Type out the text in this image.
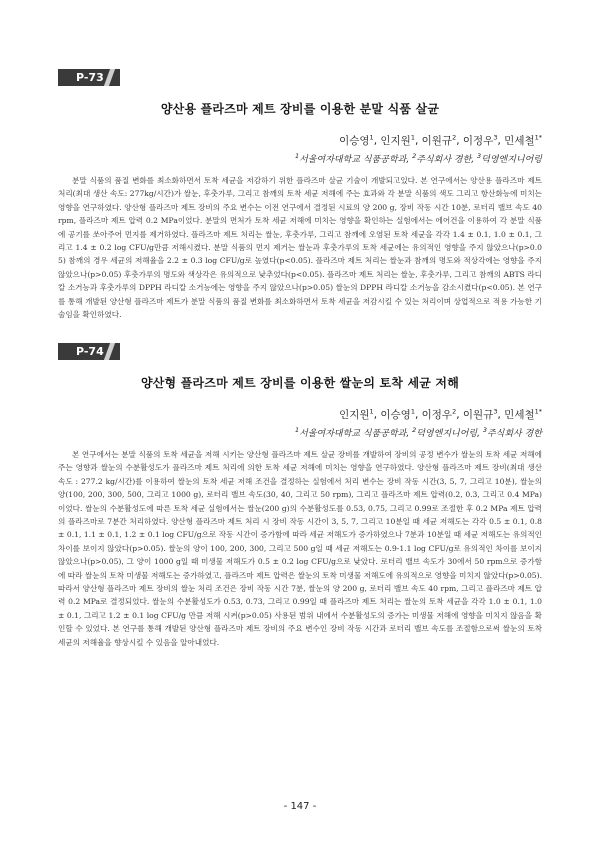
P-73
양산용 플라즈마 제트 장비를 이용한 분말 식품 살균
이승영$^1$, 인지원$^1$, 이원규$^2$, 이정우$^3$, 민세철$^{1*}$
$^1$서울여자대학교 식품공학과, $^2$주식회사 경한, $^3$덕영엔지니어링

분말 식품의 품질 변화를 최소화하면서 토착 세균을 저감하기 위한 플라즈마 살균 기술이 개발되고있다. 본 연구에서는 양산용 플라즈마 제트 처리(최대 생산 속도: 277kg/시간)가 쌀눈, 후춧가루, 그리고 참깨의 토착 세균 저해에 주는 효과와 각 분말 식품의 색도 그리고 항산화능에 미치는 영향을 연구하였다. 양산형 플라즈마 제트 장비의 주요 변수는 이전 연구에서 결정된 시료의 양 200 g, 장비 작동 시간 10분, 로터리 밸브 속도 40 rpm, 플라즈마 제트 압력 0.2 MPa이었다. 분말의 면처가 토착 세균 저해에 미치는 영향을 확인하는 실험에서는 에어건을 이용하여 각 분말 식품에 공기를 쏘아주어 먼지를 제거하였다. 플라즈마 제트 처리는 쌀눈, 후춧가루, 그리고 참깨에 오염된 토착 세균을 각각 1.4 ± 0.1, 1.0 ± 0.1, 그리고 1.4 ± 0.2 log CFU/g만큼 저해시켰다. 분말 식품의 먼지 제거는 쌀눈과 후춧가루의 토착 세균에는 유의적인 영향을 주지 않았으나(p>0.05) 참깨의 경우 세균의 저해율을 2.2 ± 0.3 log CFU/g로 높였다(p<0.05). 플라즈마 제트 처리는 쌀눈과 참깨의 명도와 적상각에는 영향을 주지 않았으나(p>0.05) 후춧가루의 명도와 색상각은 유의적으로 낮추었다(p<0.05). 플라즈마 제트 처리는 쌀눈, 후춧가루, 그리고 참깨의 ABTS 라디칼 소거능과 후춧가루의 DPPH 라디칼 소거능에는 영향을 주지 않았으나(p>0.05) 쌀눈의 DPPH 라디칼 소거능을 감소시켰다(p<0.05). 본 연구를 통해 개발된 양산형 플라즈마 제트가 분말 식품의 품질 변화를 최소화하면서 토착 세균을 저감시킬 수 있는 처리이며 상업적으로 적용 가능한 기술임을 확인하였다.

P-74
양산형 플라즈마 제트 장비를 이용한 쌀눈의 토착 세균 저해
인지원$^1$, 이승영$^1$, 이정우$^2$, 이원규$^3$, 민세철$^{1*}$
$^1$서울여자대학교 식품공학과, $^2$덕영엔지니어링, $^3$주식회사 경한

본 연구에서는 분말 식품의 토착 세균을 저해 시키는 양산형 플라즈마 제트 살균 장비를 개발하여 장비의 공정 변수가 쌀눈의 토착 세균 저해에 주는 영향과 쌀눈의 수분활성도가 플라즈마 제트 처리에 의한 토착 세균 저해에 미치는 영향을 연구하였다. 양산형 플라즈마 제트 장비(최대 생산 속도 : 277.2 kg/시간)를 이용하여 쌀눈의 토착 세균 저해 조건을 결정하는 실험에서 처리 변수는 장비 작동 시간(3, 5, 7, 그리고 10분), 쌀눈의 양(100, 200, 300, 500, 그리고 1000 g), 로터리 밸브 속도(30, 40, 그리고 50 rpm), 그리고 플라즈마 제트 압력(0.2, 0.3, 그리고 0.4 MPa)이었다. 쌀눈의 수분활성도에 따른 토착 세균 실험에서는 쌀눈(200 g)의 수분활성도를 0.53, 0.75, 그리고 0.99로 조절한 후 0.2 MPa 제트 압력의 플라즈마로 7분간 처리하였다. 양산형 플라즈마 제트 처리 시 장비 작동 시간이 3, 5, 7, 그리고 10분일 때 세균 저해도는 각각 0.5 ± 0.1, 0.8 ± 0.1, 1.1 ± 0.1, 1.2 ± 0.1 log CFU/g으로 작동 시간이 증가함에 따라 세균 저해도가 증가하였으나 7분과 10분일 때 세균 저해도는 유의적인 차이를 보이지 않았다(p>0.05). 쌀눈의 양이 100, 200, 300, 그리고 500 g일 때 세균 저해도는 0.9-1.1 log CFU/g로 유의적인 차이를 보이지 않았으나(p>0.05), 그 양이 1000 g일 때 미생물 저해도가 0.5 ± 0.2 log CFU/g으로 낮았다. 로터리 밸브 속도가 30에서 50 rpm으로 증가함에 따라 쌀눈의 토착 미생물 저해도는 증가하였고, 플라즈마 제트 압력은 쌀눈의 토착 미생물 저해도에 유의적으로 영향을 미치지 않았다(p>0.05). 따라서 양산형 플라즈마 제트 장비의 쌀눈 처리 조건은 장비 작동 시간 7분, 쌀눈의 양 200 g, 로터리 밸브 속도 40 rpm, 그리고 플라즈마 제트 압력 0.2 MPa로 결정되었다. 쌀눈의 수분활성도가 0.53, 0.73, 그리고 0.99일 때 플라즈마 제트 처리는 쌀눈의 토착 세균을 각각 1.0 ± 0.1, 1.0 ± 0.1, 그리고 1.2 ± 0.1 log CFU/g 만큼 저해 시켜(p>0.05) 사용된 범위 내에서 수분활성도의 증가는 미생물 저해에 영향을 미치지 않음을 확인할 수 있었다. 본 연구를 통해 개발된 양산형 플라즈마 제트 장비의 주요 변수인 장비 작동 시간과 로터리 밸브 속도를 조절함으로써 쌀눈의 토착 세균의 저해율을 향상시킬 수 있음을 알아내었다.

- 147 -
